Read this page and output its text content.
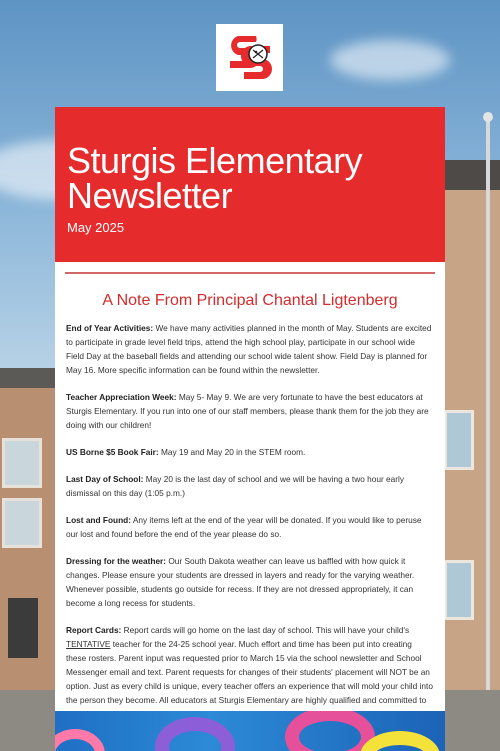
Sturgis Elementary Newsletter
May 2025
A Note From Principal Chantal Ligtenberg

End of Year Activities: We have many activities planned in the month of May. Students are excited to participate in grade level field trips, attend the high school play, participate in our school wide Field Day at the baseball fields and attending our school wide talent show. Field Day is planned for May 16. More specific information can be found within the newsletter.

Teacher Appreciation Week: May 5- May 9. We are very fortunate to have the best educators at Sturgis Elementary. If you run into one of our staff members, please thank them for the job they are doing with our children!

US Borne $5 Book Fair: May 19 and May 20 in the STEM room.

Last Day of School: May 20 is the last day of school and we will be having a two hour early dismissal on this day (1:05 p.m.)

Lost and Found: Any items left at the end of the year will be donated. If you would like to peruse our lost and found before the end of the year please do so.

Dressing for the weather: Our South Dakota weather can leave us baffled with how quick it changes. Please ensure your students are dressed in layers and ready for the varying weather. Whenever possible, students go outside for recess. If they are not dressed appropriately, it can become a long recess for students.

Report Cards: Report cards will go home on the last day of school. This will have your child's TENTATIVE teacher for the 24-25 school year. Much effort and time has been put into creating these rosters. Parent input was requested prior to March 15 via the school newsletter and School Messenger email and text. Parent requests for changes of their students' placement will NOT be an option. Just as every child is unique, every teacher offers an experience that will mold your child into the person they become. All educators at Sturgis Elementary are highly qualified and committed to
